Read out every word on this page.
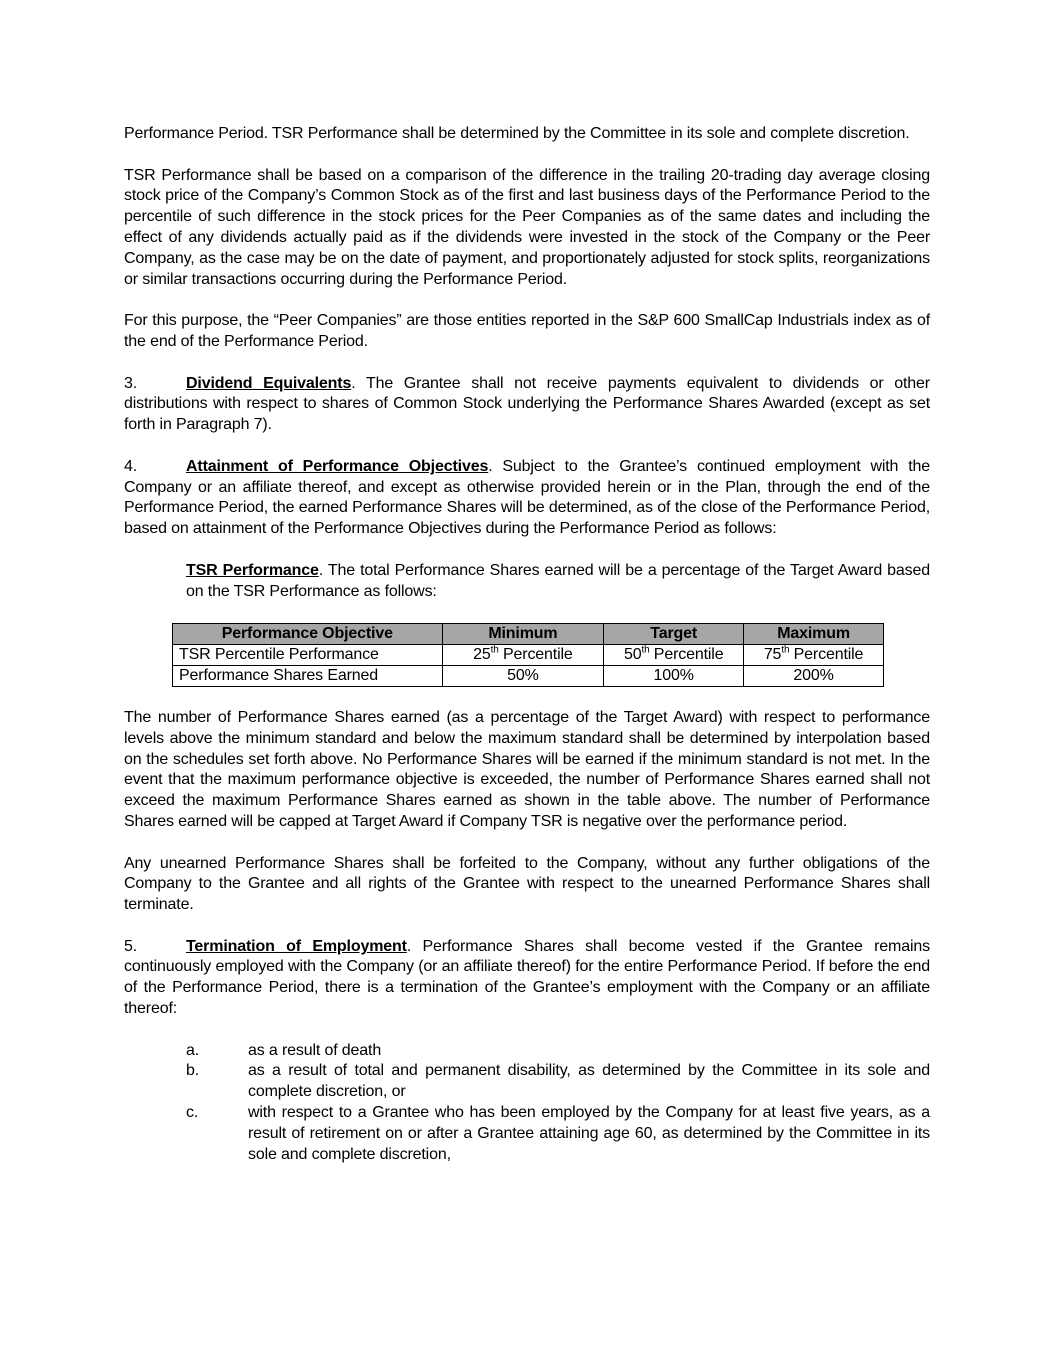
Performance Period. TSR Performance shall be determined by the Committee in its sole and complete discretion.

TSR Performance shall be based on a comparison of the difference in the trailing 20-trading day average closing stock price of the Company’s Common Stock as of the first and last business days of the Performance Period to the percentile of such difference in the stock prices for the Peer Companies as of the same dates and including the effect of any dividends actually paid as if the dividends were invested in the stock of the Company or the Peer Company, as the case may be on the date of payment, and proportionately adjusted for stock splits, reorganizations or similar transactions occurring during the Performance Period.

For this purpose, the “Peer Companies” are those entities reported in the S&P 600 SmallCap Industrials index as of the end of the Performance Period.

3.	Dividend Equivalents. The Grantee shall not receive payments equivalent to dividends or other distributions with respect to shares of Common Stock underlying the Performance Shares Awarded (except as set forth in Paragraph 7).

4.	Attainment of Performance Objectives. Subject to the Grantee’s continued employment with the Company or an affiliate thereof, and except as otherwise provided herein or in the Plan, through the end of the Performance Period, the earned Performance Shares will be determined, as of the close of the Performance Period, based on attainment of the Performance Objectives during the Performance Period as follows:

TSR Performance. The total Performance Shares earned will be a percentage of the Target Award based on the TSR Performance as follows:

Performance Objective	Minimum	Target	Maximum
TSR Percentile Performance	25th Percentile	50th Percentile	75th Percentile
Performance Shares Earned	50%	100%	200%

The number of Performance Shares earned (as a percentage of the Target Award) with respect to performance levels above the minimum standard and below the maximum standard shall be determined by interpolation based on the schedules set forth above. No Performance Shares will be earned if the minimum standard is not met. In the event that the maximum performance objective is exceeded, the number of Performance Shares earned shall not exceed the maximum Performance Shares earned as shown in the table above. The number of Performance Shares earned will be capped at Target Award if Company TSR is negative over the performance period.

Any unearned Performance Shares shall be forfeited to the Company, without any further obligations of the Company to the Grantee and all rights of the Grantee with respect to the unearned Performance Shares shall terminate.

5.	Termination of Employment. Performance Shares shall become vested if the Grantee remains continuously employed with the Company (or an affiliate thereof) for the entire Performance Period. If before the end of the Performance Period, there is a termination of the Grantee’s employment with the Company or an affiliate thereof:

a.	as a result of death
b.	as a result of total and permanent disability, as determined by the Committee in its sole and complete discretion, or
c.	with respect to a Grantee who has been employed by the Company for at least five years, as a result of retirement on or after a Grantee attaining age 60, as determined by the Committee in its sole and complete discretion,
